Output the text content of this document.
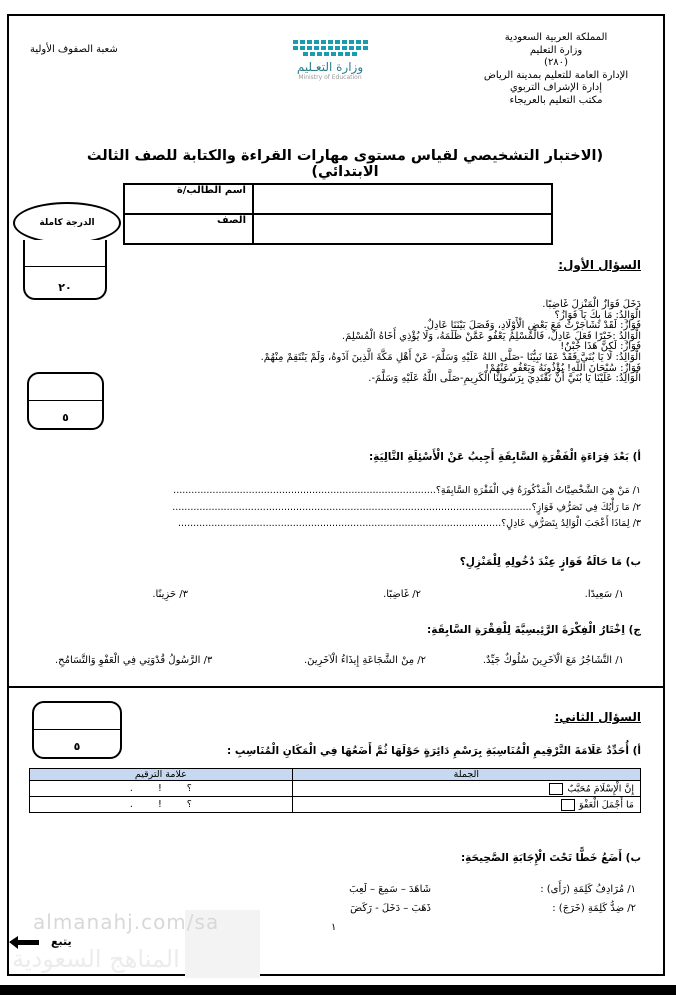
المملكة العربية السعودية
وزارة التعليم
(٢٨٠)
الإدارة العامة للتعليم بمدينة الرياض
إدارة الإشراف التربوي
مكتب التعليم بالعريجاء
وزارة التعـليم
Ministry of Education
شعبة الصفوف الأولية
(الاختبار التشخيصي لقياس مستوى مهارات القراءة والكتابة للصف الثالث الابتدائي)
اسم الطالب/ة	
الصف	
الدرجة كاملة
٢٠
السؤال الأول:
٥
دَخَلَ فَوَازٌ الْمَنْزِلَ غَاضِبًا.
الْوَالِدُ: مَا بِكَ يَا فَوَازُ؟
فَوَازٌ: لَقَدْ تَشَاجَرْتُ مَعَ بَعْضِ الْأَوْلَادِ، وَفَصَلَ بَيْنَنَا عَادِلٌ.
الْوَالِدُ :خَيْرًا فَعَلَ عَادِلٌ، فَالْمُسْلِمُ يَعْفُو عَمَّنْ ظَلَمَهُ، وَلَا يُؤْذِي أَخَاهُ الْمُسْلِمَ.
فَوَازٌ: لَكِنَّ هَذَا جُبْنٌ!
الْوَالِدُ: لَا يَا بُنَيَّ فَقَدْ عَفَا نَبِيُّنَا -صَلَّى اللهُ عَلَيْهِ وَسَلَّمَ- عَنْ أَهْلِ مَكَّةَ الَّذِينَ آذَوهُ، وَلَمْ يَنْتَقِمْ مِنْهُمْ.
فَوَازٌ: سُبْحَانَ اللَّهِ! يُؤْذُونَهُ وَيَعْفُو عَنْهُمْ!
الْوَالِدُ: عَلَيْنَا يَا بُنَيَّ أَنْ نَقْتَدِيَ بِرَسُولِنَا الْكَرِيمِ-صَلَّى اللَّهُ عَلَيْهِ وَسَلَّمَ-.
أ) بَعْدَ قِرَاءَةِ الْفَقْرَةِ السَّابِقَةِ أَجِيبُ عَنْ الْأَسْئِلَةِ التَّالِيَةِ:
١/ مَنْ هِيَ الشَّخْصِيَّاتُ الْمَذْكُورَةُ فِي الْفَقْرَةِ السَّابِقَةِ؟.......................................................................................
٢/ مَا رَأْيُكَ فِي تَصَرُّفِ فَوَازٍ؟.......................................................................................................................
٣/ لِمَاذَا أَعْجَبَ الْوَالِدُ بِتَصَرُّفِ عَادِلٍ؟...........................................................................................................
ب) مَا حَالَةُ فَوَازٍ عِنْدَ دُخُولِهِ لِلْمَنْزِلِ؟
١/ سَعِيدًا.
٢/ غَاضِبًا.
٣/ حَزِينًا.
ج) اِخْتَارُ الْفِكْرَةَ الرَّئِيسِيَّةَ لِلْفِقْرَةِ السَّابِقَةِ:
١/ التَّشَاجُرُ مَعَ الْآخَرِينَ سُلُوكٌ جَيِّدٌ.
٢/ مِنْ الشَّجَاعَةِ إِيذَاءُ الْآخَرِينَ.
٣/ الرَّسُولُ قُدْوَتِي فِي الْعَفْوِ وَالتَّسَامُحِ.
٥
السؤال الثاني:
أ) أُحَدِّدُ عَلَامَةَ التَّرْقِيمِ الْمُنَاسِبَةِ بِرَسْمِ دَائِرَةٍ حَوْلَهَا ثُمَّ أَضَعُهَا فِي الْمَكَانِ الْمُنَاسِبِ :
علامة الترقيم	الجملة
؟ ! .	إِنَّ الْإِسْلَامَ مُحَبَّبٌ
؟ ! .	مَا أَجْمَلَ الْعَفْوَ
ب) أَضَعُ خَطًّا تَحْتَ الْإِجَابَةِ الصَّحِيحَةِ:
١/ مُرَادِفُ كَلِمَةِ (رَأَى) :
شَاهَدَ – سَمِعَ – لَعِبَ
٢/ ضِدُّ كَلِمَةِ (خَرَجَ) :
ذَهَبَ – دَخَلَ - رَكَضَ
almanahj.com/sa
المناهج السعودية
١
يتبع
